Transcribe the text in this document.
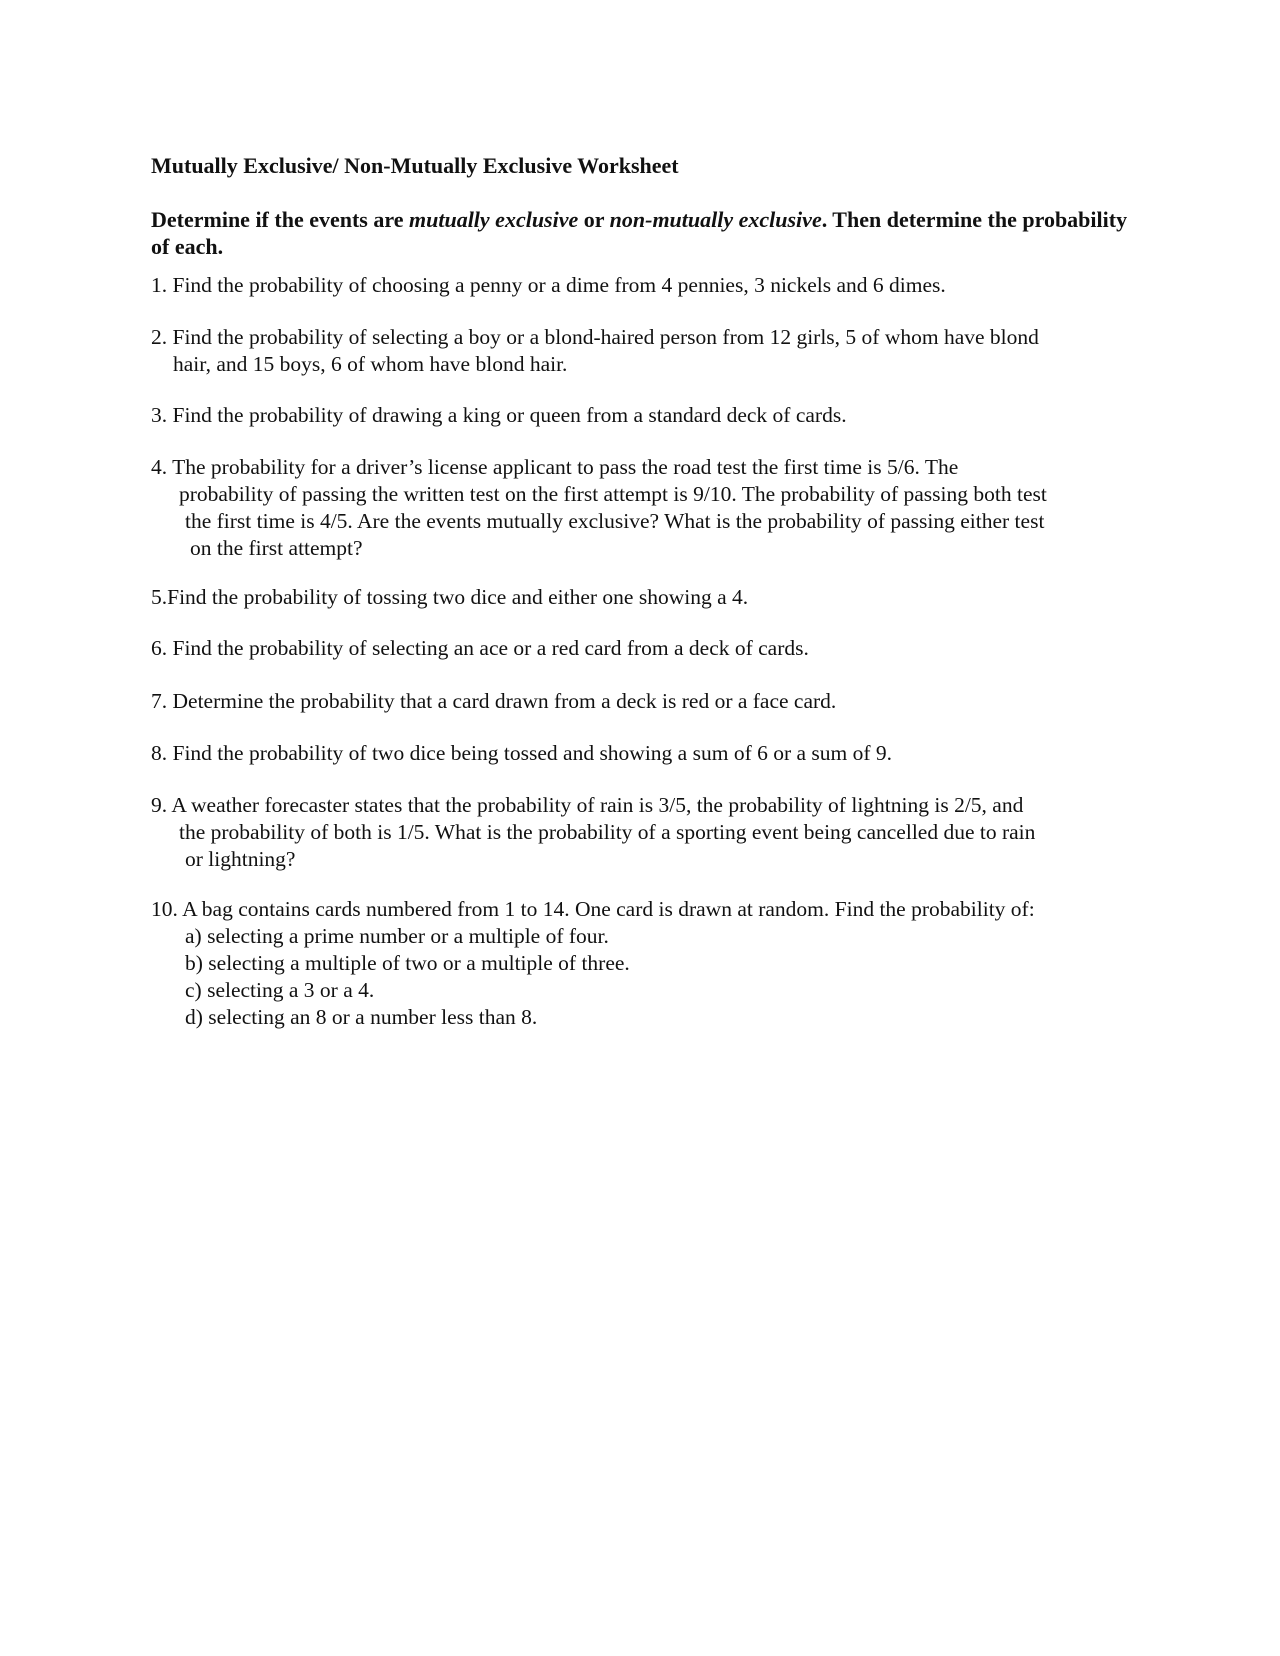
Mutually Exclusive/ Non-Mutually Exclusive Worksheet
Determine if the events are mutually exclusive or non-mutually exclusive. Then determine the probability of each.
1. Find the probability of choosing a penny or a dime from 4 pennies, 3 nickels and 6 dimes.
2. Find the probability of selecting a boy or a blond-haired person from 12 girls, 5 of whom have blond
hair, and 15 boys, 6 of whom have blond hair.
3. Find the probability of drawing a king or queen from a standard deck of cards.
4. The probability for a driver’s license applicant to pass the road test the first time is 5/6. The
probability of passing the written test on the first attempt is 9/10. The probability of passing both test
the first time is 4/5. Are the events mutually exclusive? What is the probability of passing either test
on the first attempt?
5.Find the probability of tossing two dice and either one showing a 4.
6. Find the probability of selecting an ace or a red card from a deck of cards.
7. Determine the probability that a card drawn from a deck is red or a face card.
8. Find the probability of two dice being tossed and showing a sum of 6 or a sum of 9.
9. A weather forecaster states that the probability of rain is 3/5, the probability of lightning is 2/5, and
the probability of both is 1/5. What is the probability of a sporting event being cancelled due to rain
or lightning?
10. A bag contains cards numbered from 1 to 14. One card is drawn at random. Find the probability of:
a) selecting a prime number or a multiple of four.
b) selecting a multiple of two or a multiple of three.
c) selecting a 3 or a 4.
d) selecting an 8 or a number less than 8.
